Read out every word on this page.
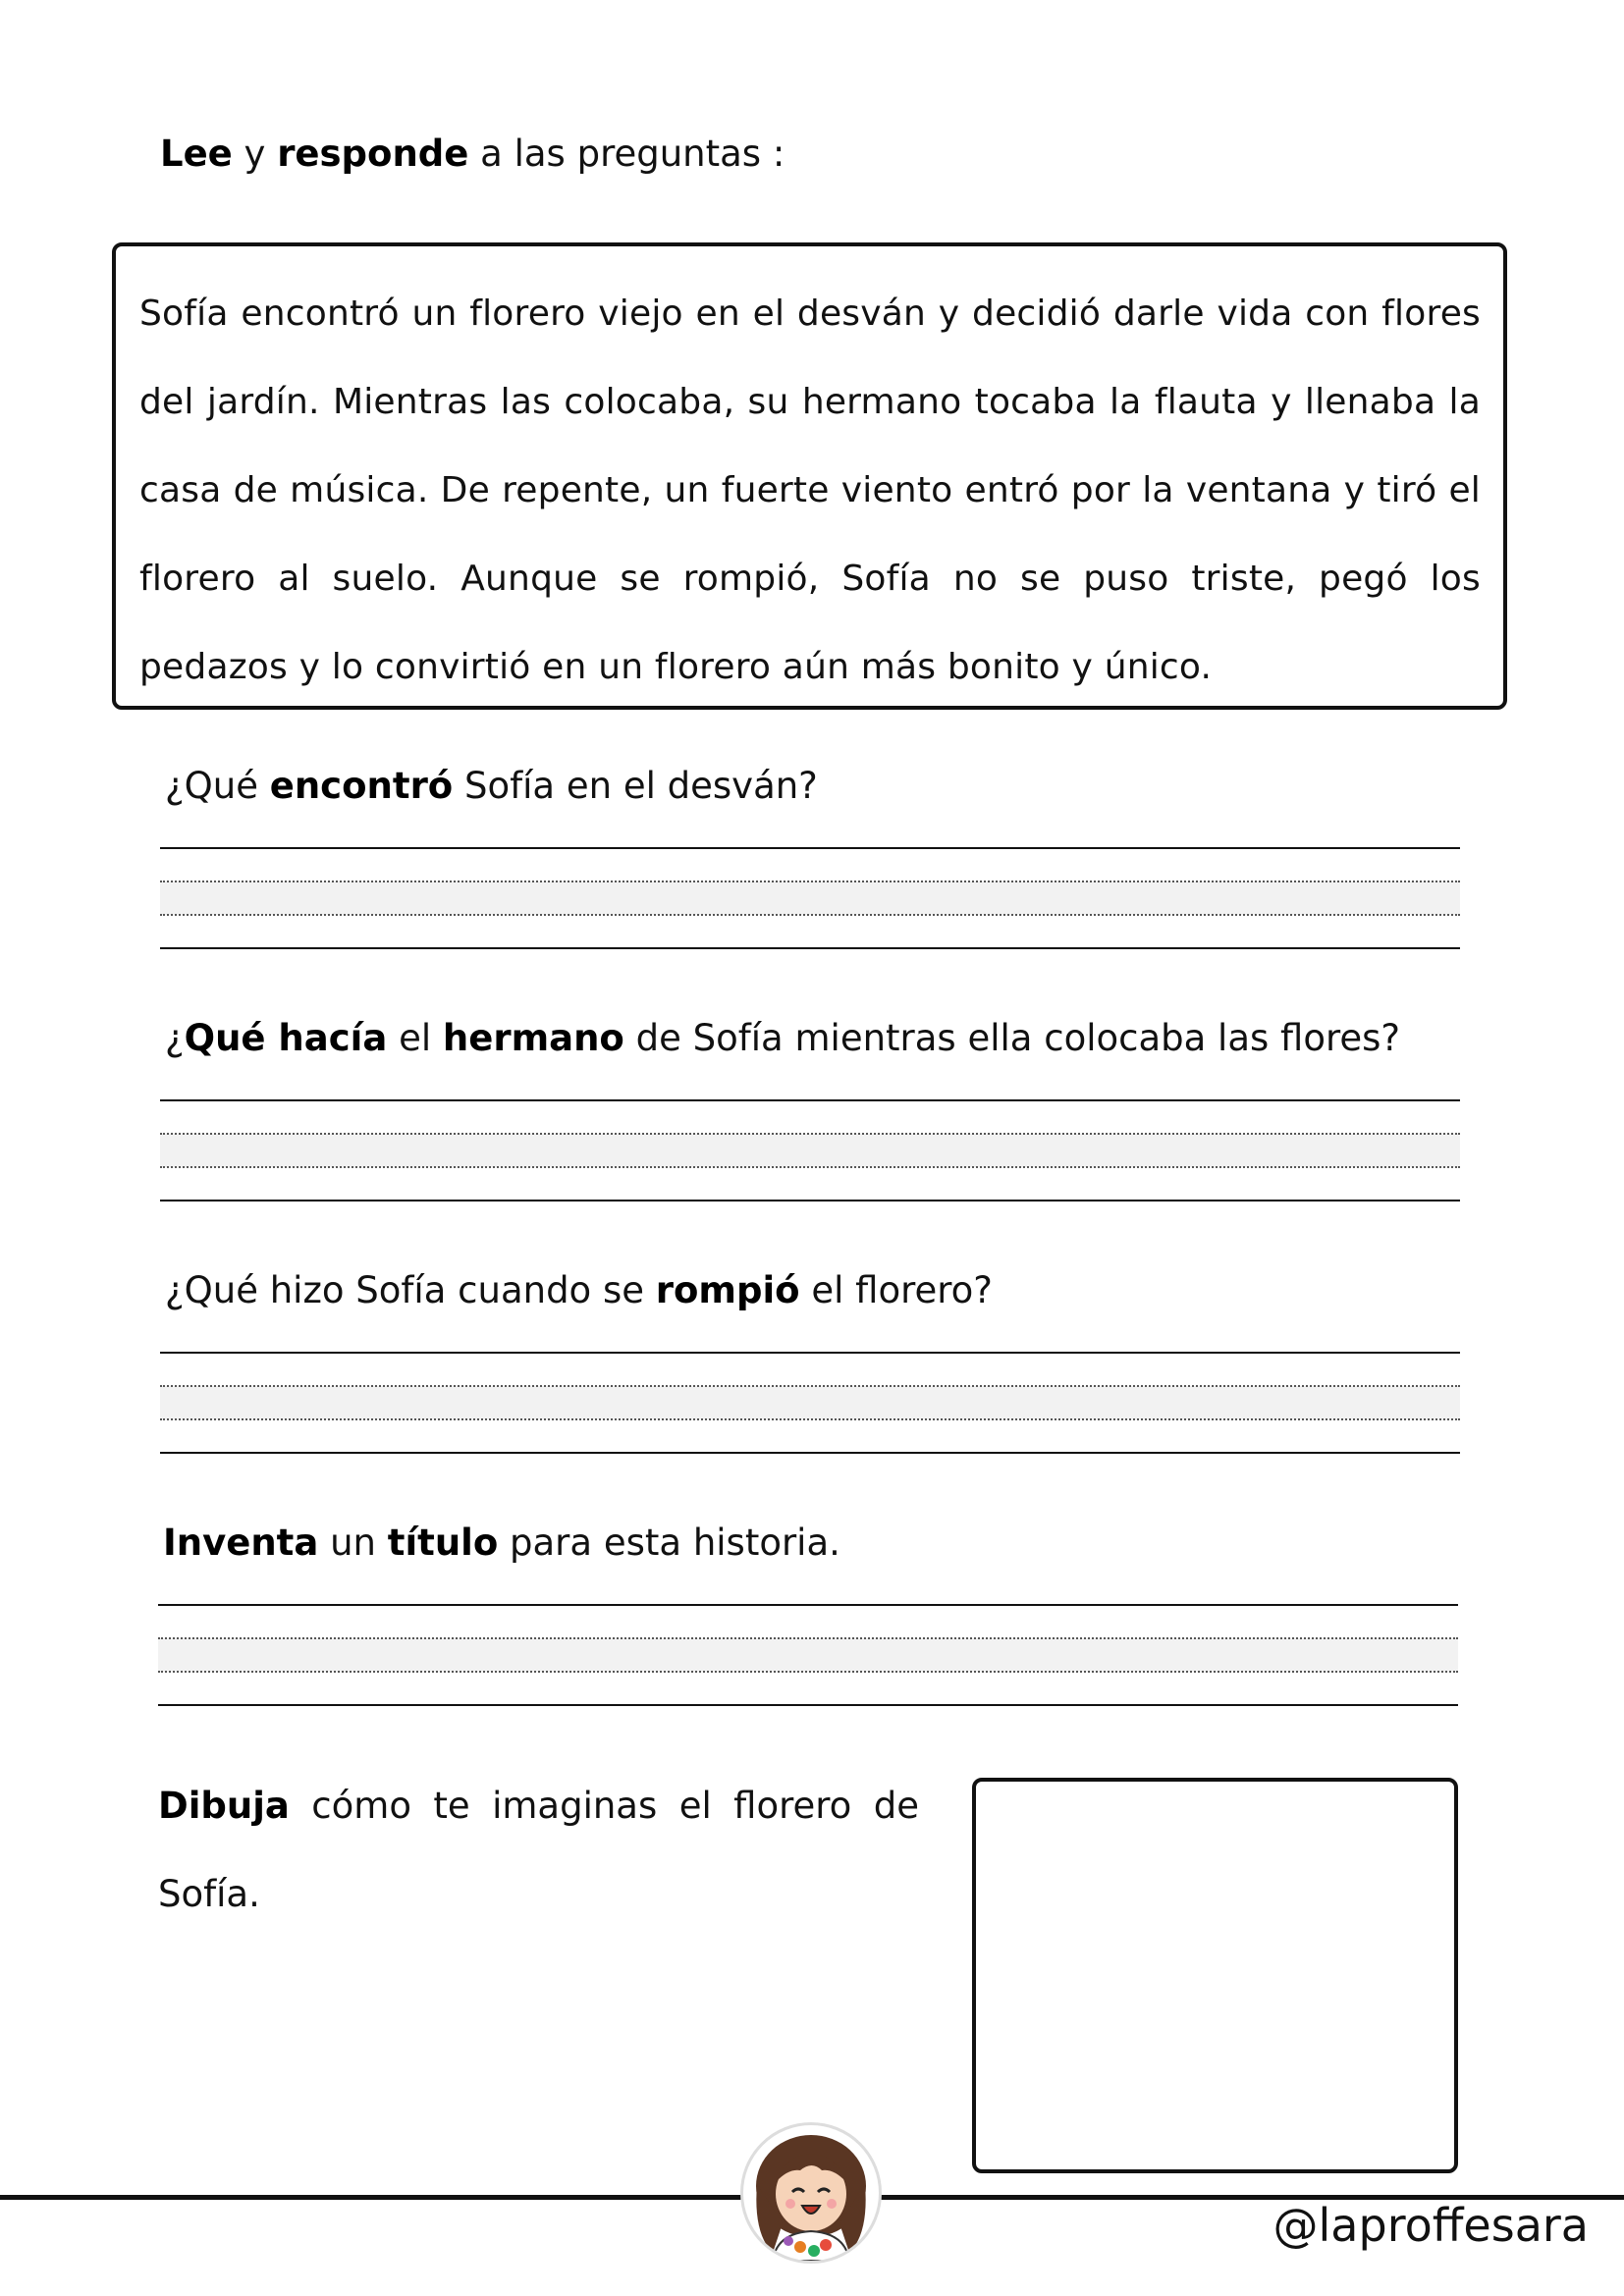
Lee y responde a las preguntas :

Sofía encontró un florero viejo en el desván y decidió darle vida con flores del jardín. Mientras las colocaba, su hermano tocaba la flauta y llenaba la casa de música. De repente, un fuerte viento entró por la ventana y tiró el florero al suelo. Aunque se rompió, Sofía no se puso triste, pegó los pedazos y lo convirtió en un florero aún más bonito y único.

¿Qué encontró Sofía en el desván?
¿Qué hacía el hermano de Sofía mientras ella colocaba las flores?
¿Qué hizo Sofía cuando se rompió el florero?
Inventa un título para esta historia.

Dibuja cómo te imaginas el florero de Sofía.

@laproffesara
